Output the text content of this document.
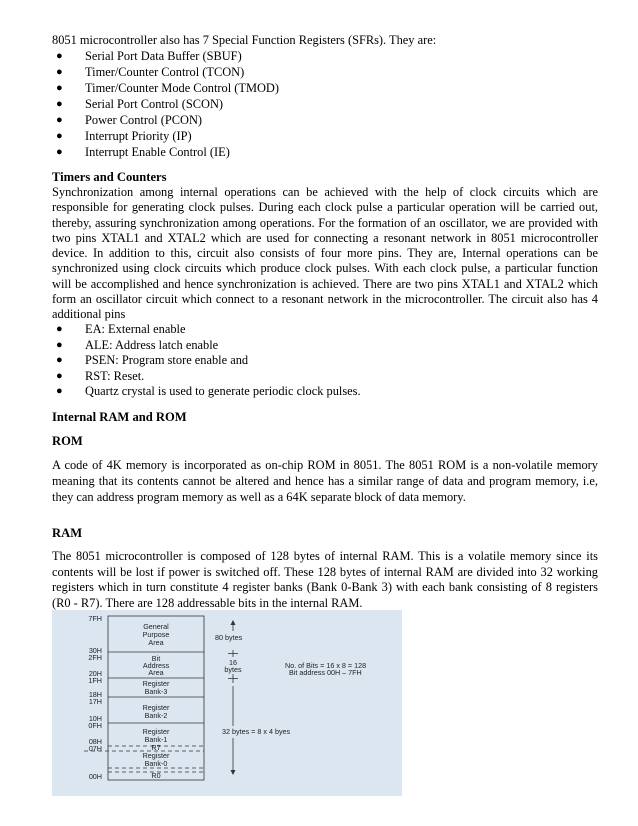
8051 microcontroller also has 7 Special Function Registers (SFRs). They are:
● Serial Port Data Buffer (SBUF)
● Timer/Counter Control (TCON)
● Timer/Counter Mode Control (TMOD)
● Serial Port Control (SCON)
● Power Control (PCON)
● Interrupt Priority (IP)
● Interrupt Enable Control (IE)
Timers and Counters
Synchronization among internal operations can be achieved with the help of clock circuits which are responsible for generating clock pulses. During each clock pulse a particular operation will be carried out, thereby, assuring synchronization among operations. For the formation of an oscillator, we are provided with two pins XTAL1 and XTAL2 which are used for connecting a resonant network in 8051 microcontroller device. In addition to this, circuit also consists of four more pins. They are, Internal operations can be synchronized using clock circuits which produce clock pulses. With each clock pulse, a particular function will be accomplished and hence synchronization is achieved. There are two pins XTAL1 and XTAL2 which form an oscillator circuit which connect to a resonant network in the microcontroller. The circuit also has 4 additional pins
● EA: External enable
● ALE: Address latch enable
● PSEN: Program store enable and
● RST: Reset.
● Quartz crystal is used to generate periodic clock pulses.
Internal RAM and ROM
ROM
A code of 4K memory is incorporated as on-chip ROM in 8051. The 8051 ROM is a non-volatile memory meaning that its contents cannot be altered and hence has a similar range of data and program memory, i.e, they can address program memory as well as a 64K separate block of data memory.
RAM
The 8051 microcontroller is composed of 128 bytes of internal RAM. This is a volatile memory since its contents will be lost if power is switched off. These 128 bytes of internal RAM are divided into 32 working registers which in turn constitute 4 register banks (Bank 0-Bank 3) with each bank consisting of 8 registers (R0 - R7). There are 128 addressable bits in the internal RAM.
7FH
30H
2FH
20H
1FH
18H
17H
10H
0FH
08H
07H
00H
General
Purpose
Area
Bit
Address
Area
Register
Bank-3
Register
Bank-2
Register
Bank-1
R7
Register
Bank-0
R0
80 bytes
16
bytes
32 bytes = 8 x 4 byes
No. of Bits = 16 x 8 = 128
Bit address 00H – 7FH
